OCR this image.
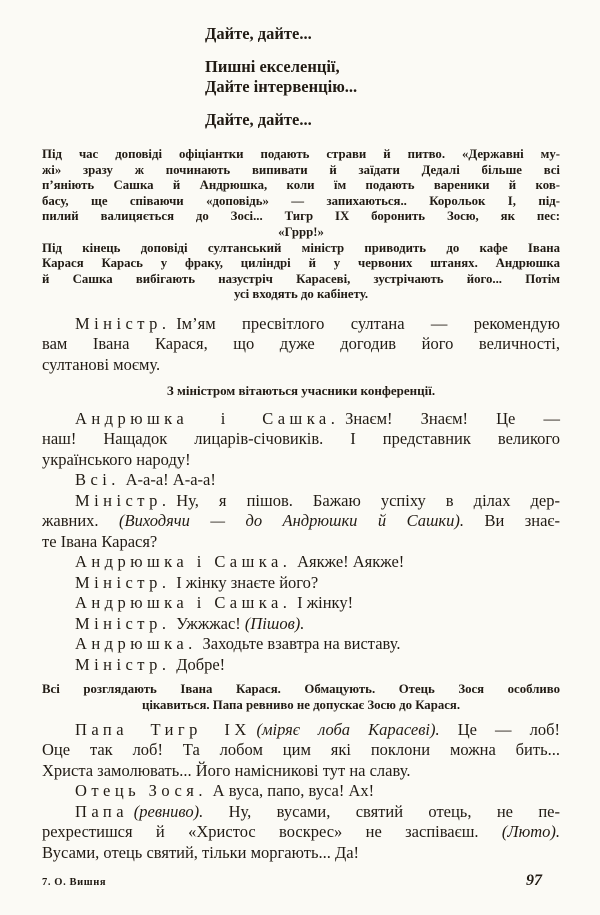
Дайте, дайте...
Пишні екселенції,
Дайте інтервенцію...
Дайте, дайте...
Під час доповіді офіціантки подають страви й питво. «Державні му-
жі» зразу ж починають випивати й заїдати Дедалі більше всі
п’яніють Сашка й Андрюшка, коли їм подають вареники й ков-
басу, ще співаючи «доповідь» — запихаються.. Корольок І, під-
пилий валицяється до Зосі... Тигр IX боронить Зосю, як пес:
«Гррр!»
Під кінець доповіді султанський міністр приводить до кафе Івана
Карася Карась у фраку, циліндрі й у червоних штанях. Андрюшка
й Сашка вибігають назустріч Карасеві, зустрічають його... Потім
усі входять до кабінету.
Міністр. Ім’ям пресвітлого султана — рекомендую
вам Івана Карася, що дуже догодив його величності,
султанові моєму.
З міністром вітаються учасники конференції.
Андрюшка і Сашка. Знаєм! Знаєм! Це —
наш! Нащадок лицарів-січовиків. І представник великого
українського народу!
Всі. А-а-а! А-а-а!
Міністр. Ну, я пішов. Бажаю успіху в ділах дер-
жавних. (Виходячи — до Андрюшки й Сашки). Ви знає-
те Івана Карася?
Андрюшка і Сашка. Аякже! Аякже!
Міністр. І жінку знаєте його?
Андрюшка і Сашка. І жінку!
Міністр. Ужжжас! (Пішов).
Андрюшка. Заходьте взавтра на виставу.
Міністр. Добре!
Всі розглядають Івана Карася. Обмацують. Отець Зося особливо
цікавиться. Папа ревниво не допускає Зосю до Карася.
Папа Тигр IX (міряє лоба Карасеві). Це — лоб!
Оце так лоб! Та лобом цим які поклони можна бить...
Христа замолювать... Його намісникові тут на славу.
Отець Зося. А вуса, папо, вуса! Ах!
Папа (ревниво). Ну, вусами, святий отець, не пе-
рехрестишся й «Христос воскрес» не заспіваєш. (Люто).
Вусами, отець святий, тільки моргають... Да!
7. О. Вишня	97
